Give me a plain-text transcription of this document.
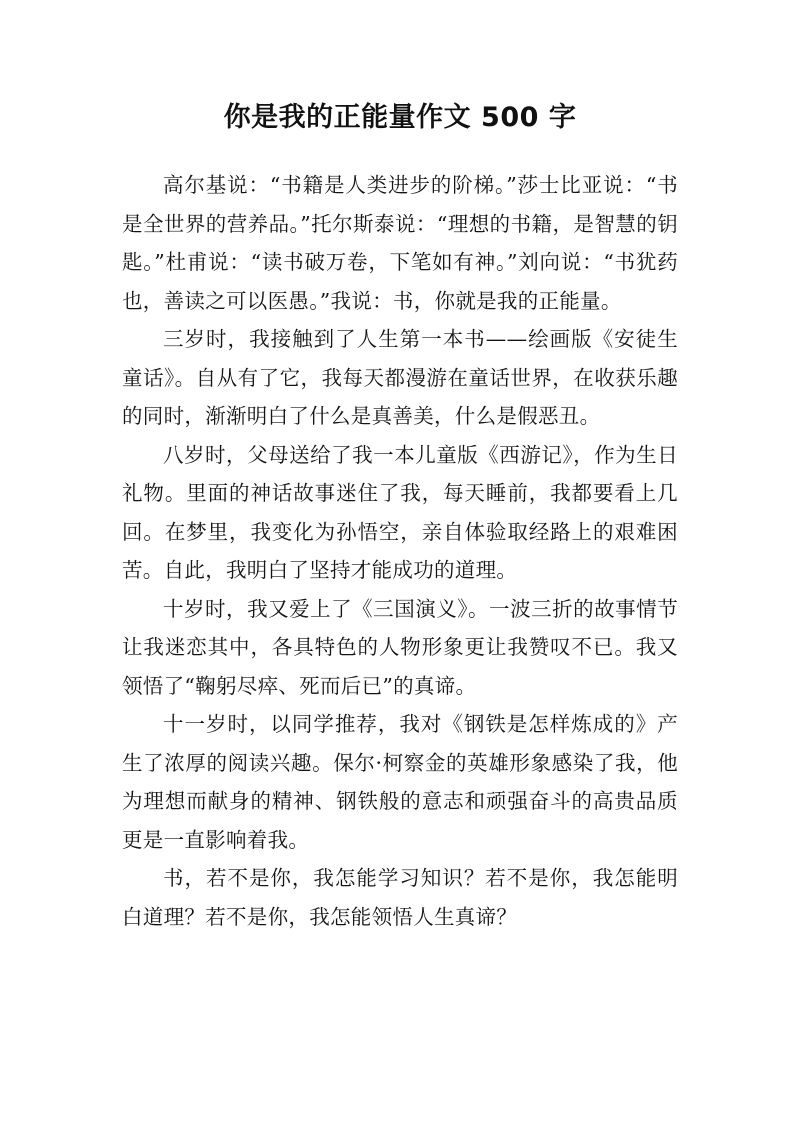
你是我的正能量作文 500 字

高尔基说：“书籍是人类进步的阶梯。”莎士比亚说：“书是全世界的营养品。”托尔斯泰说：“理想的书籍，是智慧的钥匙。”杜甫说：“读书破万卷，下笔如有神。”刘向说：“书犹药也，善读之可以医愚。”我说：书，你就是我的正能量。

三岁时，我接触到了人生第一本书——绘画版《安徒生童话》。自从有了它，我每天都漫游在童话世界，在收获乐趣的同时，渐渐明白了什么是真善美，什么是假恶丑。

八岁时，父母送给了我一本儿童版《西游记》，作为生日礼物。里面的神话故事迷住了我，每天睡前，我都要看上几回。在梦里，我变化为孙悟空，亲自体验取经路上的艰难困苦。自此，我明白了坚持才能成功的道理。

十岁时，我又爱上了《三国演义》。一波三折的故事情节让我迷恋其中，各具特色的人物形象更让我赞叹不已。我又领悟了“鞠躬尽瘁、死而后已”的真谛。

十一岁时，以同学推荐，我对《钢铁是怎样炼成的》产生了浓厚的阅读兴趣。保尔·柯察金的英雄形象感染了我，他为理想而献身的精神、钢铁般的意志和顽强奋斗的高贵品质更是一直影响着我。

书，若不是你，我怎能学习知识？若不是你，我怎能明白道理？若不是你，我怎能领悟人生真谛？
